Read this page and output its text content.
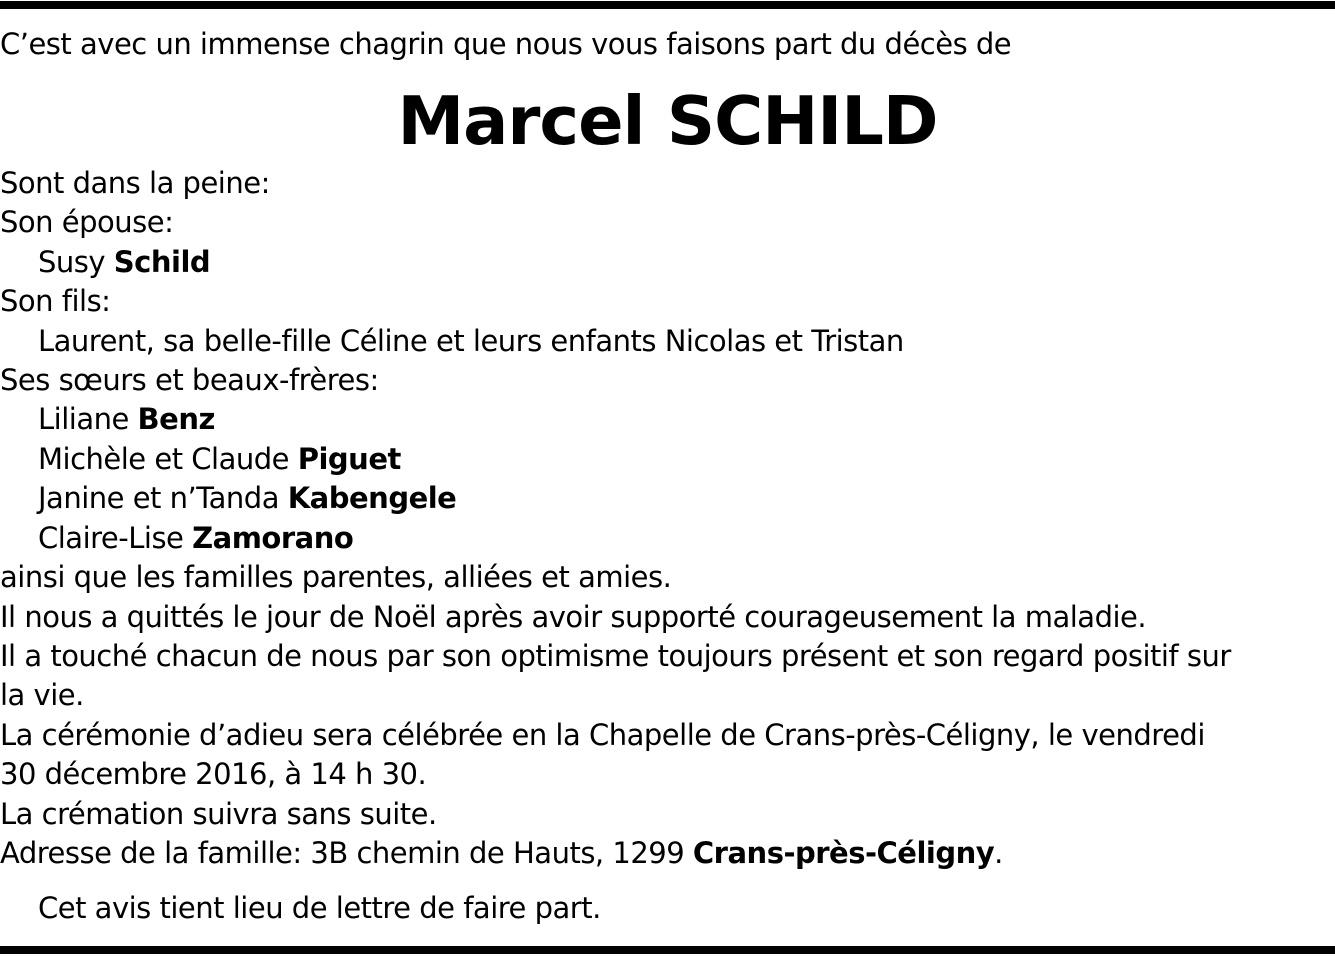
C’est avec un immense chagrin que nous vous faisons part du décès de
Marcel SCHILD
Sont dans la peine:
Son épouse:
Susy Schild
Son fils:
Laurent, sa belle-fille Céline et leurs enfants Nicolas et Tristan
Ses sœurs et beaux-frères:
Liliane Benz
Michèle et Claude Piguet
Janine et n’Tanda Kabengele
Claire-Lise Zamorano
ainsi que les familles parentes, alliées et amies.
Il nous a quittés le jour de Noël après avoir supporté courageusement la maladie.
Il a touché chacun de nous par son optimisme toujours présent et son regard positif sur
la vie.
La cérémonie d’adieu sera célébrée en la Chapelle de Crans-près-Céligny, le vendredi
30 décembre 2016, à 14 h 30.
La crémation suivra sans suite.
Adresse de la famille: 3B chemin de Hauts, 1299 Crans-près-Céligny.
Cet avis tient lieu de lettre de faire part.
